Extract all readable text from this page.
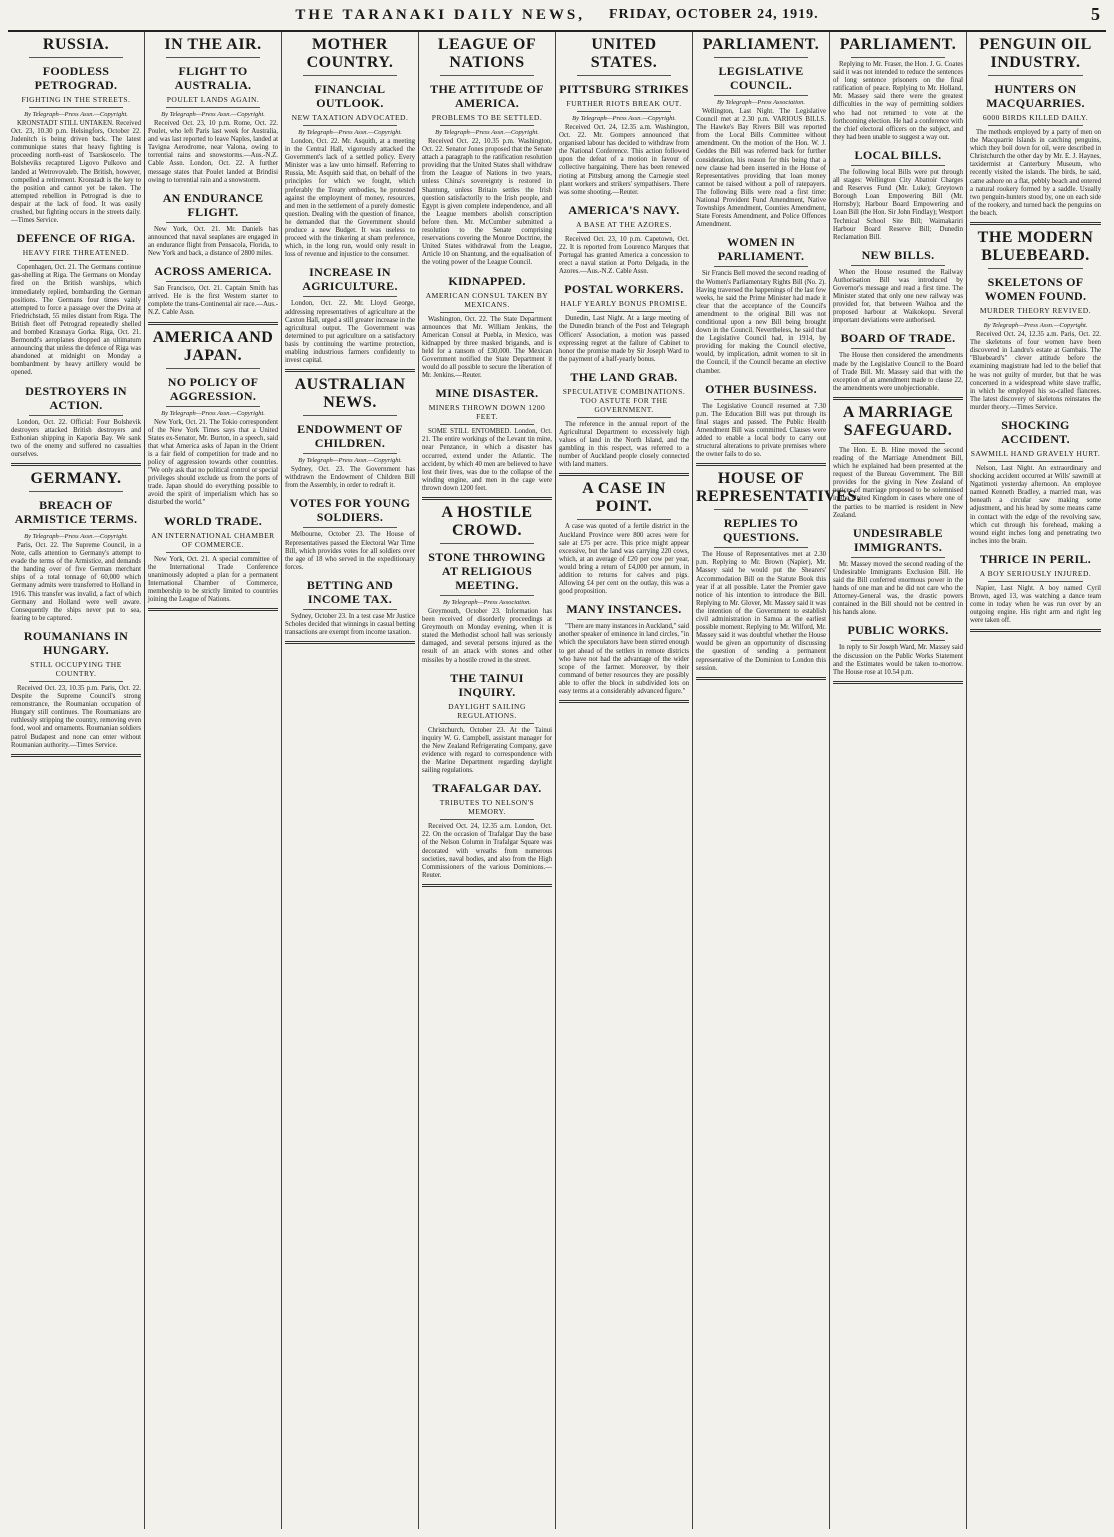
THE TARANAKI DAILY NEWS, FRIDAY, OCTOBER 24, 1919.	5
RUSSIA.
FOODLESS PETROGRAD.
FIGHTING IN THE STREETS.
By Telegraph—Press Assn.—Copyright.

KRONSTADT STILL UNTAKEN. Received Oct. 23, 10.30 p.m. Helsingfors, October 22. Judenitch is being driven back. The latest communique states that heavy fighting is proceeding north-east of Tsarskoscelo. The Bolsheviks recaptured Ligovo Pulkovo and landed at Wetrovovaleb. The British, however, compelled a retirement. Kronstadt is the key to the position and cannot yet be taken. The attempted rebellion in Petrograd is due to despair at the lack of food. It was easily crushed, but fighting occurs in the streets daily.—Times Service.

DEFENCE OF RIGA.
HEAVY FIRE THREATENED.

Copenhagen, Oct. 21. The Germans continue gas-shelling at Riga. The Germans on Monday fired on the British warships, which immediately replied, bombarding the German positions. The Germans four times vainly attempted to force a passage over the Dvina at Friedrichstadt, 55 miles distant from Riga. The British fleet off Petrograd repeatedly shelled and bombed Krasnaya Gorka. Riga, Oct. 21. Bermondt's aeroplanes dropped an ultimatum announcing that unless the defence of Riga was abandoned at midnight on Monday a bombardment by heavy artillery would be opened.

DESTROYERS IN ACTION.

London, Oct. 22. Official: Four Bolshevik destroyers attacked British destroyers and Esthonian shipping in Kaporia Bay. We sank two of the enemy and suffered no casualties ourselves.

GERMANY.
BREACH OF ARMISTICE TERMS.
By Telegraph—Press Assn.—Copyright.

Paris, Oct. 22. The Supreme Council, in a Note, calls attention to Germany's attempt to evade the terms of the Armistice, and demands the handing over of five German merchant ships of a total tonnage of 60,000 which Germany admits were transferred to Holland in 1916. This transfer was invalid, a fact of which Germany and Holland were well aware. Consequently the ships never put to sea, fearing to be captured.

ROUMANIANS IN HUNGARY.
STILL OCCUPYING THE COUNTRY.

Received Oct. 23, 10.35 p.m. Paris, Oct. 22. Despite the Supreme Council's strong remonstrance, the Roumanian occupation of Hungary still continues. The Roumanians are ruthlessly stripping the country, removing even food, wool and ornaments. Roumanian soldiers patrol Budapest and none can enter without Roumanian authority.—Times Service.

IN THE AIR.
FLIGHT TO AUSTRALIA.
POULET LANDS AGAIN.
By Telegraph—Press Assn.—Copyright.

Received Oct. 23, 10 p.m. Rome, Oct. 22. Poulet, who left Paris last week for Australia, and was last reported to leave Naples, landed at Tavigna Aerodrome, near Valona, owing to torrential rains and snowstorms.—Aus.-N.Z. Cable Assn. London, Oct. 22. A further message states that Poulet landed at Brindisi owing to torrential rain and a snowstorm.

AN ENDURANCE FLIGHT.

New York, Oct. 21. Mr. Daniels has announced that naval seaplanes are engaged in an endurance flight from Pensacola, Florida, to New York and back, a distance of 2800 miles.

ACROSS AMERICA.

San Francisco, Oct. 21. Captain Smith has arrived. He is the first Western starter to complete the trans-Continental air race.—Aus.-N.Z. Cable Assn.

AMERICA AND JAPAN.
NO POLICY OF AGGRESSION.
By Telegraph—Press Assn.—Copyright.

New York, Oct. 21. The Tokio correspondent of the New York Times says that a United States ex-Senator, Mr. Burton, in a speech, said that what America asks of Japan in the Orient is a fair field of competition for trade and no policy of aggression towards other countries. "We only ask that no political control or special privileges should exclude us from the ports of trade. Japan should do everything possible to avoid the spirit of imperialism which has so disturbed the world."

WORLD TRADE.
AN INTERNATIONAL CHAMBER OF COMMERCE.

New York, Oct. 21. A special committee of the International Trade Conference unanimously adopted a plan for a permanent International Chamber of Commerce, membership to be strictly limited to countries joining the League of Nations.

MOTHER COUNTRY.
FINANCIAL OUTLOOK.
NEW TAXATION ADVOCATED.
By Telegraph—Press Assn.—Copyright.

London, Oct. 22. Mr. Asquith, at a meeting in the Central Hall, vigorously attacked the Government's lack of a settled policy. Every Minister was a law unto himself. Referring to Russia, Mr. Asquith said that, on behalf of the principles for which we fought, which preferably the Treaty embodies, he protested against the employment of money, resources, and men in the settlement of a purely domestic question. Dealing with the question of finance, he demanded that the Government should produce a new Budget. It was useless to proceed with the tinkering at sham preference, which, in the long run, would only result in loss of revenue and injustice to the consumer.

INCREASE IN AGRICULTURE.

London, Oct. 22. Mr. Lloyd George, addressing representatives of agriculture at the Caxton Hall, urged a still greater increase in the agricultural output. The Government was determined to put agriculture on a satisfactory basis by continuing the wartime protection, enabling industrious farmers confidently to invest capital.

AUSTRALIAN NEWS.
ENDOWMENT OF CHILDREN.
By Telegraph—Press Assn.—Copyright.

Sydney, Oct. 23. The Government has withdrawn the Endowment of Children Bill from the Assembly, in order to redraft it.

VOTES FOR YOUNG SOLDIERS.

Melbourne, October 23. The House of Representatives passed the Electoral War Time Bill, which provides votes for all soldiers over the age of 18 who served in the expeditionary forces.

BETTING AND INCOME TAX.

Sydney, October 23. In a test case Mr Justice Scholes decided that winnings in casual betting transactions are exempt from income taxation.

LEAGUE OF NATIONS
THE ATTITUDE OF AMERICA.
PROBLEMS TO BE SETTLED.
By Telegraph—Press Assn.—Copyright.

Received Oct. 22, 10.35 p.m. Washington, Oct. 22. Senator Jones proposed that the Senate attach a paragraph to the ratification resolution providing that the United States shall withdraw from the League of Nations in two years, unless China's sovereignty is restored in Shantung, unless Britain settles the Irish question satisfactorily to the Irish people, and Egypt is given complete independence, and all the League members abolish conscription before then. Mr. McCumber submitted a resolution to the Senate comprising reservations covering the Monroe Doctrine, the United States withdrawal from the League, Article 10 on Shantung, and the equalisation of the voting power of the League Council.

KIDNAPPED.
AMERICAN CONSUL TAKEN BY MEXICANS.

Washington, Oct. 22. The State Department announces that Mr. William Jenkins, the American Consul at Puebla, in Mexico, was kidnapped by three masked brigands, and is held for a ransom of £30,000. The Mexican Government notified the State Department it would do all possible to secure the liberation of Mr. Jenkins.—Reuter.

MINE DISASTER.
MINERS THROWN DOWN 1200 FEET.

SOME STILL ENTOMBED. London, Oct. 21. The entire workings of the Levant tin mine, near Penzance, in which a disaster has occurred, extend under the Atlantic. The accident, by which 40 men are believed to have lost their lives, was due to the collapse of the winding engine, and men in the cage were thrown down 1200 feet.

A HOSTILE CROWD.
STONE THROWING AT RELIGIOUS MEETING.
By Telegraph—Press Association.

Greymouth, October 23. Information has been received of disorderly proceedings at Greymouth on Monday evening, when it is stated the Methodist school hall was seriously damaged, and several persons injured as the result of an attack with stones and other missiles by a hostile crowd in the street.

THE TAINUI INQUIRY.
DAYLIGHT SAILING REGULATIONS.

Christchurch, October 23. At the Tainui inquiry W. G. Campbell, assistant manager for the New Zealand Refrigerating Company, gave evidence with regard to correspondence with the Marine Department regarding daylight sailing regulations.

TRAFALGAR DAY.
TRIBUTES TO NELSON'S MEMORY.

Received Oct. 24, 12.35 a.m. London, Oct. 22. On the occasion of Trafalgar Day the base of the Nelson Column in Trafalgar Square was decorated with wreaths from numerous societies, naval bodies, and also from the High Commissioners of the various Dominions.—Reuter.

UNITED STATES.
PITTSBURG STRIKES
FURTHER RIOTS BREAK OUT.
By Telegraph—Press Assn.—Copyright.

Received Oct. 24, 12.35 a.m. Washington, Oct. 22. Mr. Gompers announced that organised labour has decided to withdraw from the National Conference. This action followed upon the defeat of a motion in favour of collective bargaining. There has been renewed rioting at Pittsburg among the Carnegie steel plant workers and strikers' sympathisers. There was some shooting.—Reuter.

AMERICA'S NAVY.
A BASE AT THE AZORES.

Received Oct. 23, 10 p.m. Capetown, Oct. 22. It is reported from Lourenco Marques that Portugal has granted America a concession to erect a naval station at Porto Delgada, in the Azores.—Aus.-N.Z. Cable Assn.

POSTAL WORKERS.
HALF YEARLY BONUS PROMISE.

Dunedin, Last Night. At a large meeting of the Dunedin branch of the Post and Telegraph Officers' Association, a motion was passed expressing regret at the failure of Cabinet to honor the promise made by Sir Joseph Ward to the payment of a half-yearly bonus.

THE LAND GRAB.
SPECULATIVE COMBINATIONS. TOO ASTUTE FOR THE GOVERNMENT.

The reference in the annual report of the Agricultural Department to excessively high values of land in the North Island, and the gambling in this respect, was referred to a number of Auckland people closely connected with land matters.

A CASE IN POINT.

A case was quoted of a fertile district in the Auckland Province were 800 acres were for sale at £75 per acre. This price might appear excessive, but the land was carrying 220 cows, which, at an average of £20 per cow per year, would bring a return of £4,000 per annum, in addition to returns for calves and pigs. Allowing £4 per cent on the outlay, this was a good proposition.

MANY INSTANCES.

"There are many instances in Auckland," said another speaker of eminence in land circles, "in which the speculators have been stirred enough to get ahead of the settlers in remote districts who have not had the advantage of the wider scope of the farmer. Moreover, by their command of better resources they are possibly able to offer the block in subdivided lots on easy terms at a considerably advanced figure."

PARLIAMENT.
LEGISLATIVE COUNCIL.
By Telegraph—Press Association.

Wellington, Last Night. The Legislative Council met at 2.30 p.m. VARIOUS BILLS. The Hawke's Bay Rivers Bill was reported from the Local Bills Committee without amendment. On the motion of the Hon. W. J. Geddes the Bill was referred back for further consideration, his reason for this being that a new clause had been inserted in the House of Representatives providing that loan money cannot be raised without a poll of ratepayers. The following Bills were read a first time: National Provident Fund Amendment, Native Townships Amendment, Counties Amendment, State Forests Amendment, and Police Offences Amendment.

WOMEN IN PARLIAMENT.

Sir Francis Bell moved the second reading of the Women's Parliamentary Rights Bill (No. 2). Having traversed the happenings of the last few weeks, he said the Prime Minister had made it clear that the acceptance of the Council's amendment to the original Bill was not conditional upon a new Bill being brought down in the Council. Nevertheless, he said that the Legislative Council had, in 1914, by providing for making the Council elective, would, by implication, admit women to sit in the Council, if the Council became an elective chamber.

OTHER BUSINESS.

The Legislative Council resumed at 7.30 p.m. The Education Bill was put through its final stages and passed. The Public Health Amendment Bill was committed. Clauses were added to enable a local body to carry out structural alterations to private premises where the owner fails to do so.

HOUSE OF REPRESENTATIVES.
REPLIES TO QUESTIONS.

The House of Representatives met at 2.30 p.m. Replying to Mr. Brown (Napier), Mr. Massey said he would put the Shearers' Accommodation Bill on the Statute Book this year if at all possible. Later the Premier gave notice of his intention to introduce the Bill. Replying to Mr. Glover, Mr. Massey said it was the intention of the Government to establish civil administration in Samoa at the earliest possible moment. Replying to Mr. Wilford, Mr. Massey said it was doubtful whether the House would be given an opportunity of discussing the question of sending a permanent representative of the Dominion to London this session.

PARLIAMENT.

Replying to Mr. Fraser, the Hon. J. G. Coates said it was not intended to reduce the sentences of long sentence prisoners on the final ratification of peace. Replying to Mr. Holland, Mr. Massey said there were the greatest difficulties in the way of permitting soldiers who had not returned to vote at the forthcoming election. He had a conference with the chief electoral officers on the subject, and they had been unable to suggest a way out.

LOCAL BILLS.

The following local Bills were put through all stages: Wellington City Abattoir Charges and Reserves Fund (Mr. Luke); Greytown Borough Loan Empowering Bill (Mr. Hornsby); Harbour Board Empowering and Loan Bill (the Hon. Sir John Findlay); Westport Technical School Site Bill; Waimakariri Harbour Board Reserve Bill; Dunedin Reclamation Bill.

NEW BILLS.

When the House resumed the Railway Authorisation Bill was introduced by Governor's message and read a first time. The Minister stated that only one new railway was provided for, that between Waihoa and the proposed harbour at Waikokopu. Several important deviations were authorised.

BOARD OF TRADE.

The House then considered the amendments made by the Legislative Council to the Board of Trade Bill. Mr. Massey said that with the exception of an amendment made to clause 22, the amendments were unobjectionable.

A MARRIAGE SAFEGUARD.

The Hon. E. B. Hine moved the second reading of the Marriage Amendment Bill, which he explained had been presented at the request of the Bureau Government. The Bill provides for the giving in New Zealand of notices of marriage proposed to be solemnised in the United Kingdom in cases where one of the parties to be married is resident in New Zealand.

UNDESIRABLE IMMIGRANTS.

Mr. Massey moved the second reading of the Undesirable Immigrants Exclusion Bill. He said the Bill conferred enormous power in the hands of one man and he did not care who the Attorney-General was, the drastic powers contained in the Bill should not be centred in his hands alone.

PUBLIC WORKS.

In reply to Sir Joseph Ward, Mr. Massey said the discussion on the Public Works Statement and the Estimates would be taken to-morrow. The House rose at 10.54 p.m.

PENGUIN OIL INDUSTRY.
HUNTERS ON MACQUARRIES.
6000 BIRDS KILLED DAILY.

The methods employed by a party of men on the Macquarrie Islands in catching penguins, which they boil down for oil, were described in Christchurch the other day by Mr. E. J. Haynes, taxidermist at Canterbury Museum, who recently visited the islands. The birds, he said, came ashore on a flat, pebbly beach and entered a natural rookery formed by a saddle. Usually two penguin-hunters stood by, one on each side of the rookery, and turned back the penguins on the beach.

THE MODERN BLUEBEARD.
SKELETONS OF WOMEN FOUND.
MURDER THEORY REVIVED.
By Telegraph—Press Assn.—Copyright.

Received Oct. 24, 12.35 a.m. Paris, Oct. 22. The skeletons of four women have been discovered in Landru's estate at Gambais. The "Bluebeard's" clever attitude before the examining magistrate had led to the belief that he was not guilty of murder, but that he was concerned in a widespread white slave traffic, in which he employed his so-called fiancees. The latest discovery of skeletons reinstates the murder theory.—Times Service.

SHOCKING ACCIDENT.
SAWMILL HAND GRAVELY HURT.

Nelson, Last Night. An extraordinary and shocking accident occurred at Wills' sawmill at Ngatimoti yesterday afternoon. An employee named Kenneth Bradley, a married man, was beneath a circular saw making some adjustment, and his head by some means came in contact with the edge of the revolving saw, which cut through his forehead, making a wound eight inches long and penetrating two inches into the brain.

THRICE IN PERIL.
A BOY SERIOUSLY INJURED.

Napier, Last Night. A boy named Cyril Brown, aged 13, was watching a dance team come in today when he was run over by an outgoing engine. His right arm and right leg were taken off.
